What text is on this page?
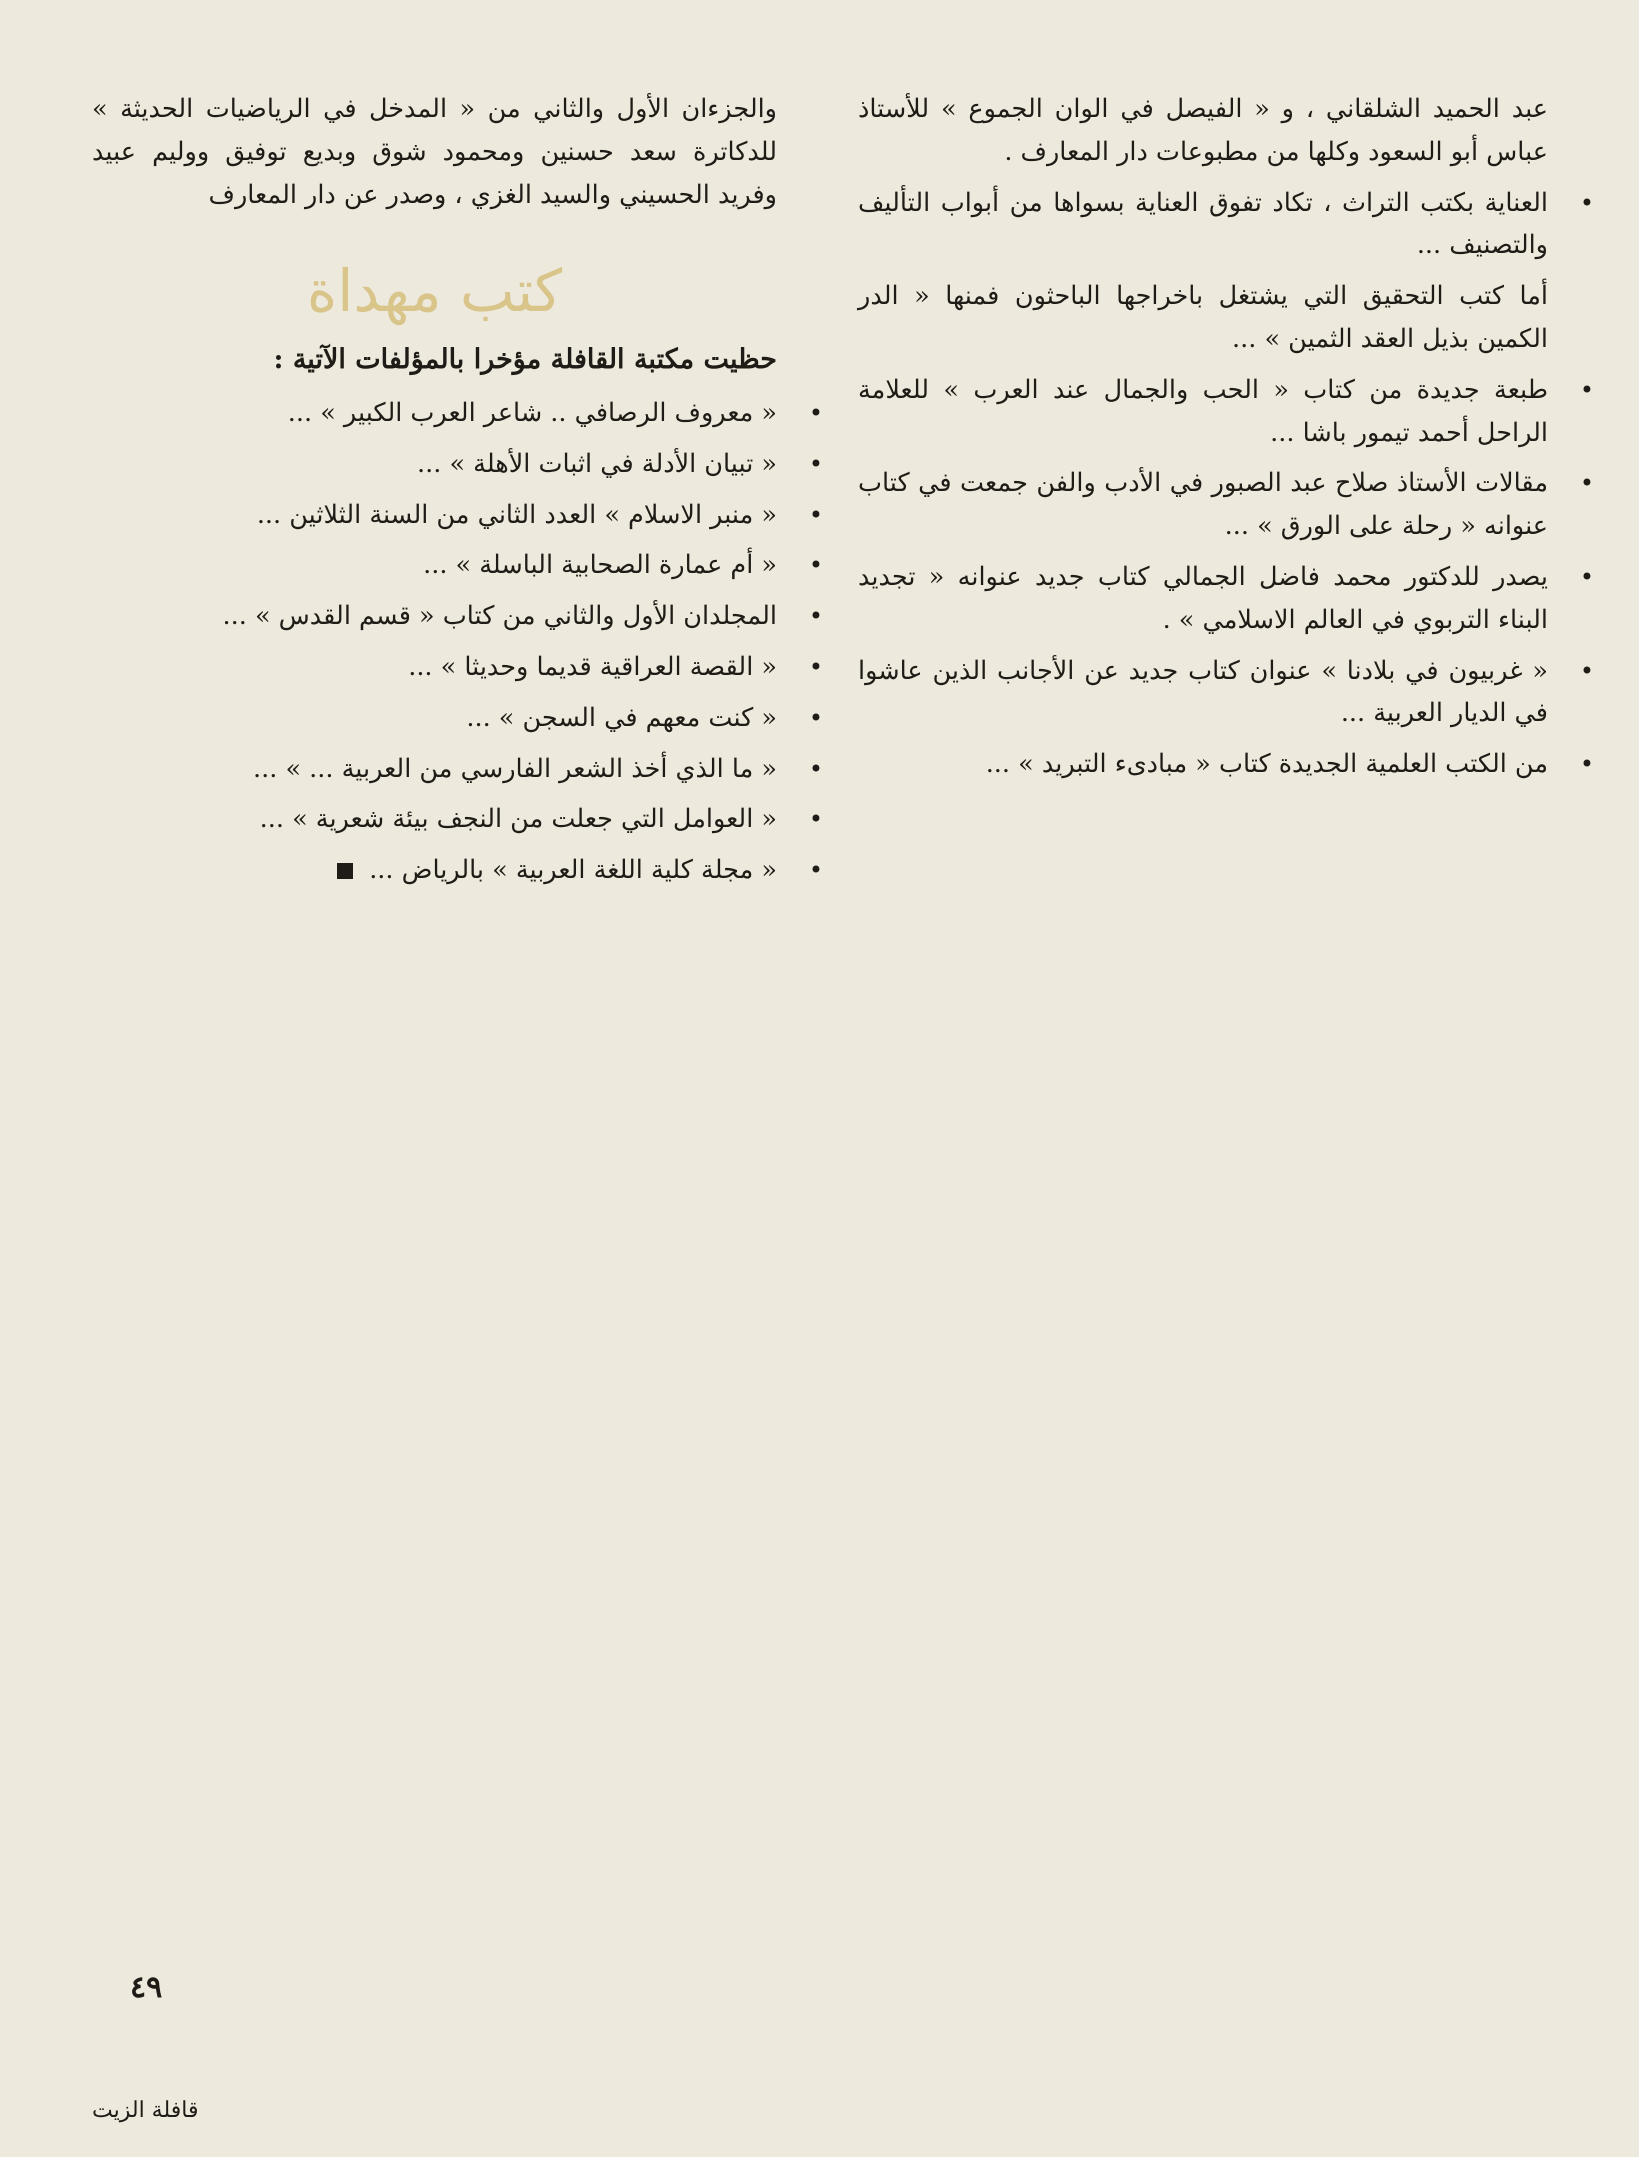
عبد الحميد الشلقاني ، و « الفيصل في الوان الجموع » للأستاذ عباس أبو السعود وكلها من مطبوعات دار المعارف .

• العناية بكتب التراث ، تكاد تفوق العناية بسواها من أبواب التأليف والتصنيف ...

أما كتب التحقيق التي يشتغل باخراجها الباحثون فمنها « الدر الكمين بذيل العقد الثمين » ...

• طبعة جديدة من كتاب « الحب والجمال عند العرب » للعلامة الراحل أحمد تيمور باشا ...

• مقالات الأستاذ صلاح عبد الصبور في الأدب والفن جمعت في كتاب عنوانه « رحلة على الورق » ...

• يصدر للدكتور محمد فاضل الجمالي كتاب جديد عنوانه « تجديد البناء التربوي في العالم الاسلامي » .

• « غربيون في بلادنا » عنوان كتاب جديد عن الأجانب الذين عاشوا في الديار العربية ...

• من الكتب العلمية الجديدة كتاب « مبادىء التبريد » ...

والجزءان الأول والثاني من « المدخل في الرياضيات الحديثة » للدكاترة سعد حسنين ومحمود شوق وبديع توفيق ووليم عبيد وفريد الحسيني والسيد الغزي ، وصدر عن دار المعارف

كتب مهداة
حظيت مكتبة القافلة مؤخرا بالمؤلفات الآتية :

• « معروف الرصافي .. شاعر العرب الكبير » ...

• « تبيان الأدلة في اثبات الأهلة » ...

• « منبر الاسلام » العدد الثاني من السنة الثلاثين ...

• « أم عمارة الصحابية الباسلة » ...

• المجلدان الأول والثاني من كتاب « قسم القدس » ...

• « القصة العراقية قديما وحديثا » ...

• « كنت معهم في السجن » ...

• « ما الذي أخذ الشعر الفارسي من العربية ... » ...

• « العوامل التي جعلت من النجف بيئة شعرية » ...

• « مجلة كلية اللغة العربية » بالرياض ...

٤٩
قافلة الزيت
